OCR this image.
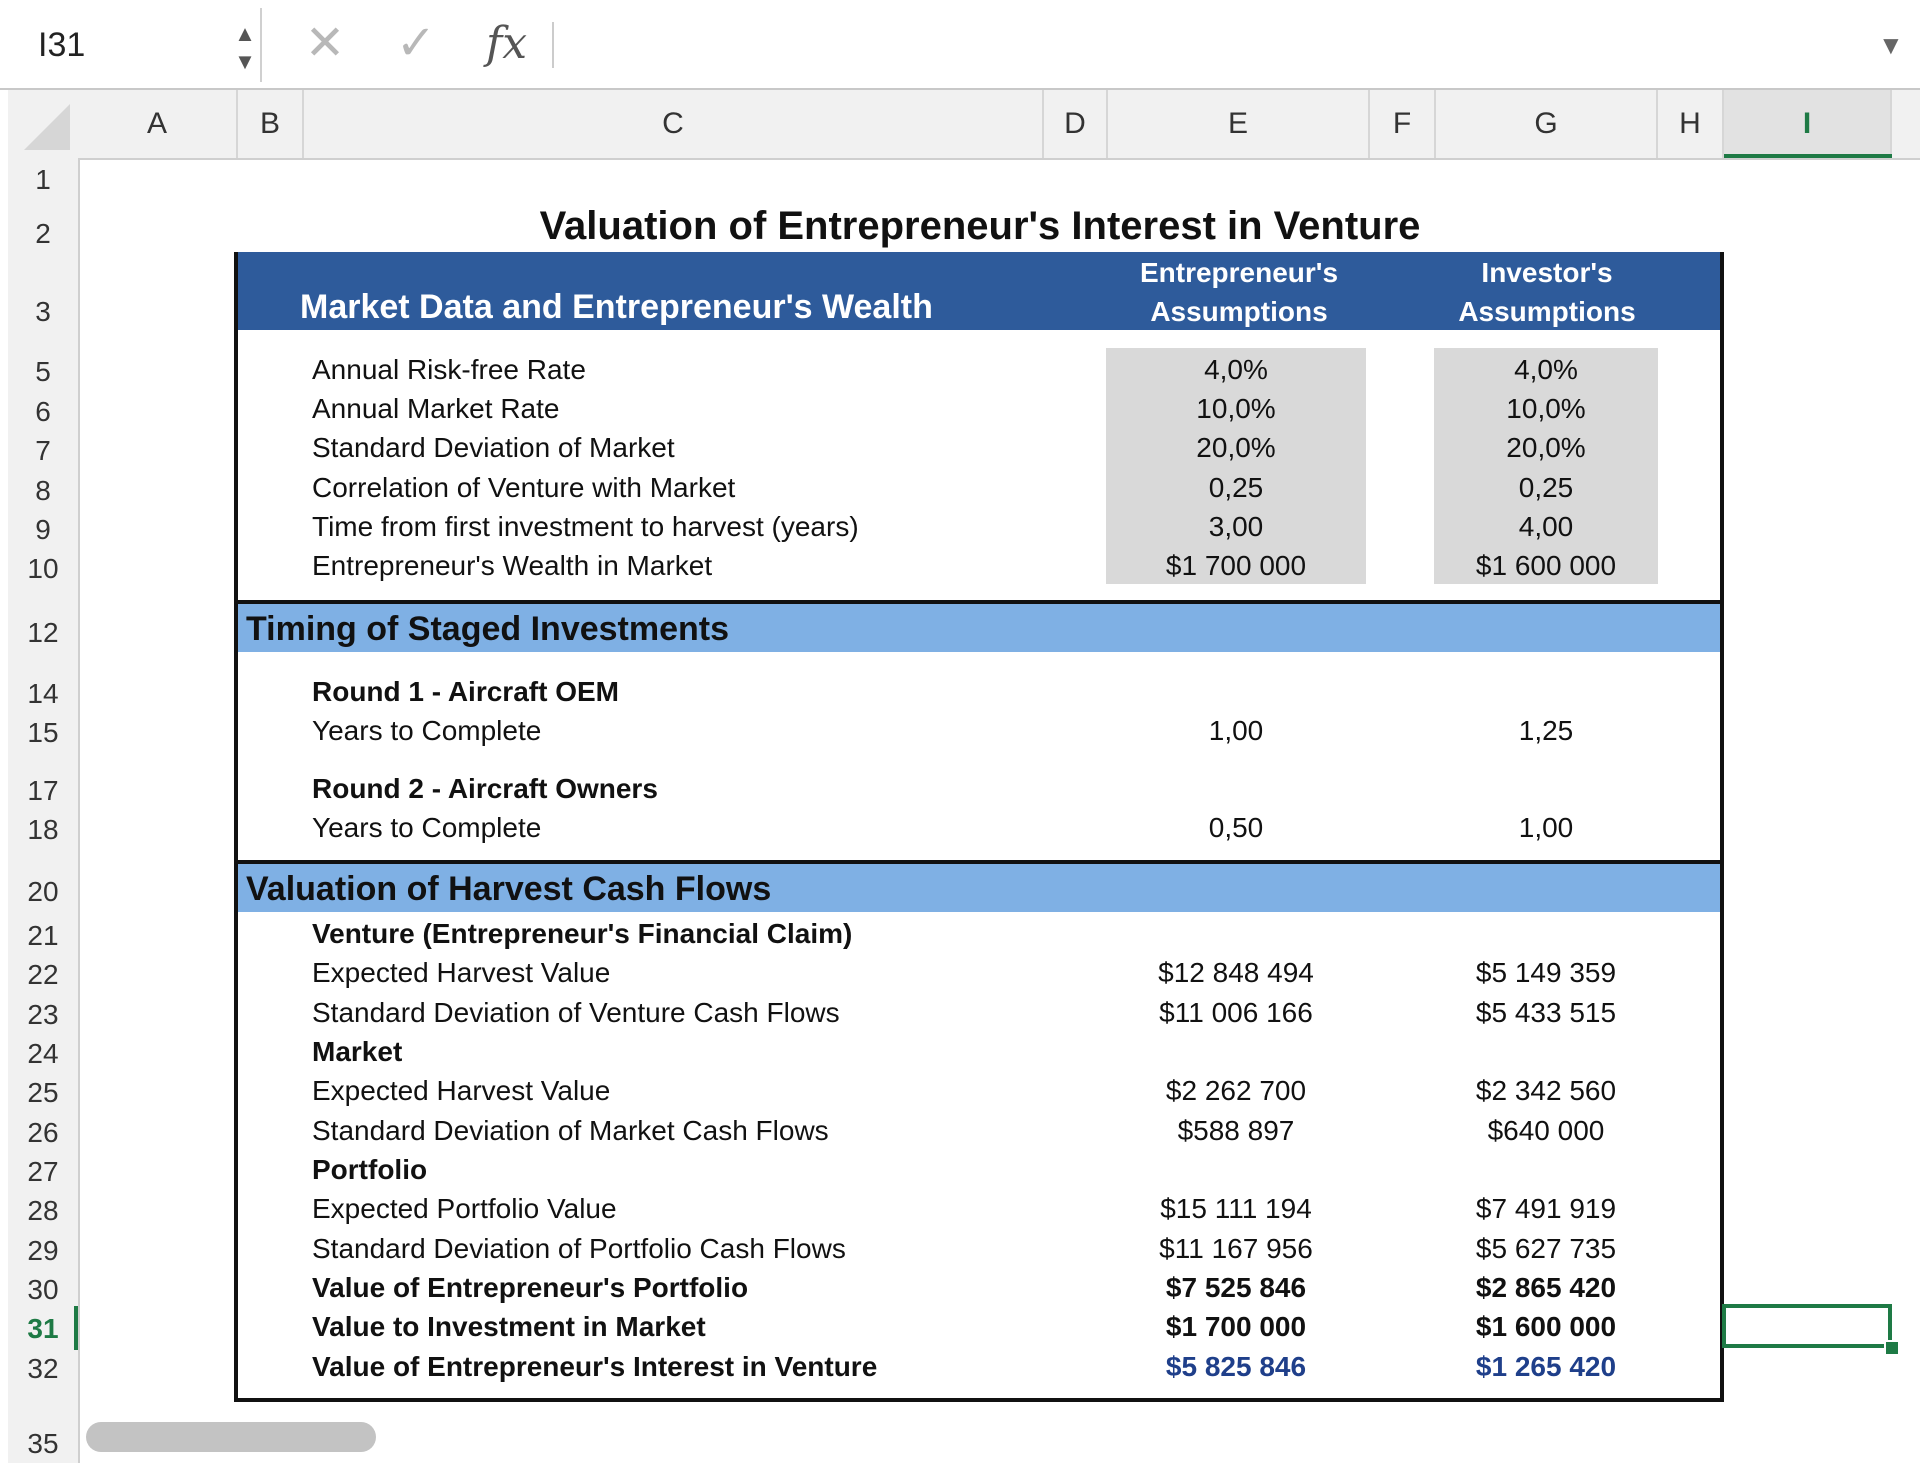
I31	▲
▼ ✕ ✓ fx	▼
A	B	C	D	E	F	G	H	I
1
2
3
5
6
7
8
9
10
12
14
15
17
18
20
21
22
23
24
25
26
27
28
29
30
31
32
35
Valuation of Entrepreneur's Interest in Venture
Market Data and Entrepreneur's Wealth
Entrepreneur's
Assumptions
Investor's
Assumptions
Annual Risk-free Rate	4,0%	4,0%
Annual Market Rate	10,0%	10,0%
Standard Deviation of Market	20,0%	20,0%
Correlation of Venture with Market	0,25	0,25
Time from first investment to harvest (years)	3,00	4,00
Entrepreneur's Wealth in Market	$1 700 000	$1 600 000
Timing of Staged Investments
Round 1 - Aircraft OEM
Years to Complete	1,00	1,25
Round 2 - Aircraft Owners
Years to Complete	0,50	1,00
Valuation of Harvest Cash Flows
Venture (Entrepreneur's Financial Claim)
Expected Harvest Value	$12 848 494	$5 149 359
Standard Deviation of Venture Cash Flows	$11 006 166	$5 433 515
Market
Expected Harvest Value	$2 262 700	$2 342 560
Standard Deviation of Market Cash Flows	$588 897	$640 000
Portfolio
Expected Portfolio Value	$15 111 194	$7 491 919
Standard Deviation of Portfolio Cash Flows	$11 167 956	$5 627 735
Value of Entrepreneur's Portfolio	$7 525 846	$2 865 420
Value to Investment in Market	$1 700 000	$1 600 000
Value of Entrepreneur's Interest in Venture	$5 825 846	$1 265 420
